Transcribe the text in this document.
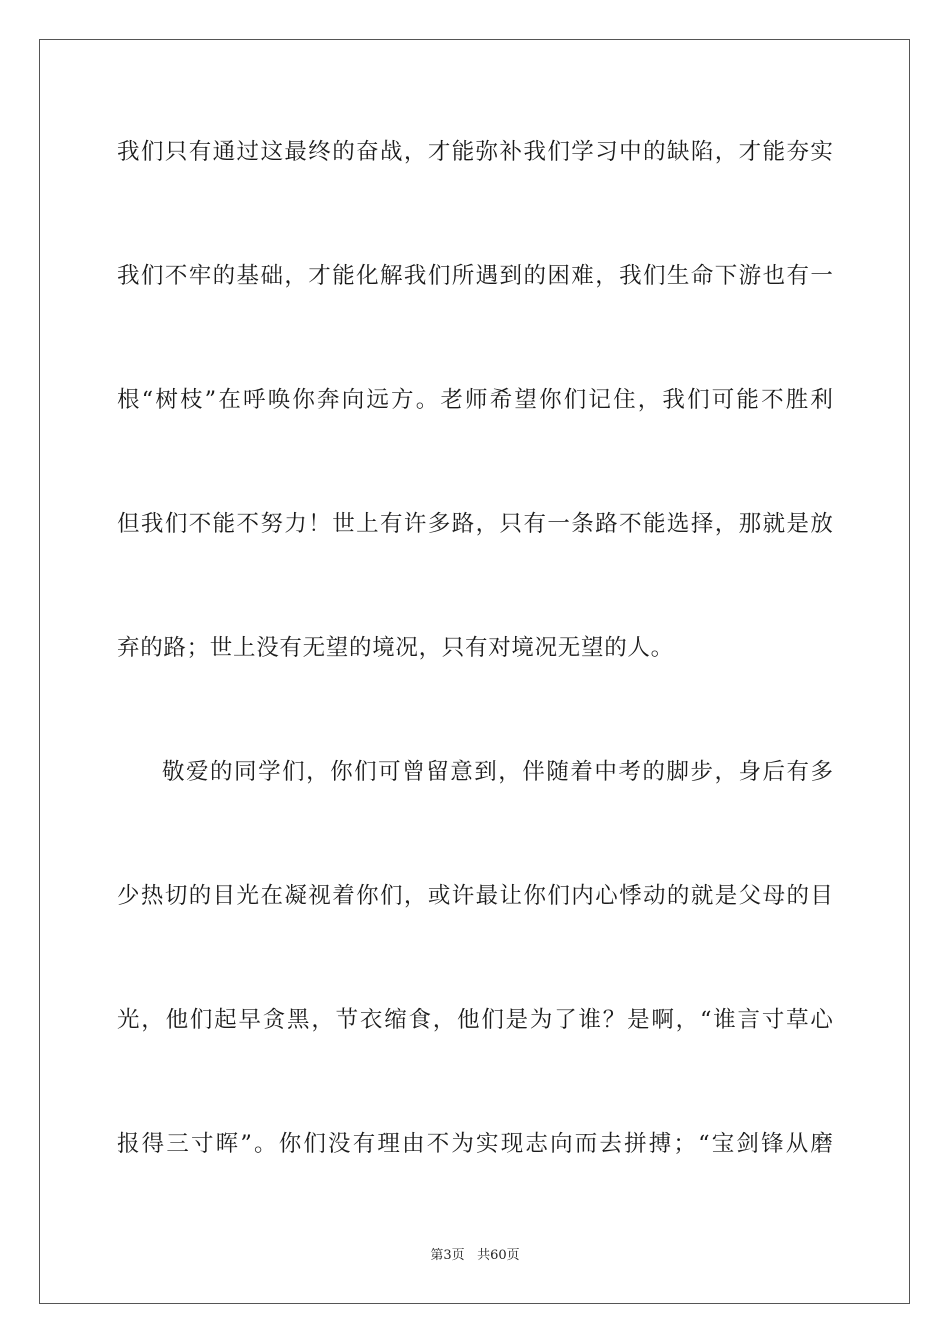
我们只有通过这最终的奋战，才能弥补我们学习中的缺陷，才能夯实
我们不牢的基础，才能化解我们所遇到的困难，我们生命下游也有一
根“树枝”在呼唤你奔向远方。老师希望你们记住，我们可能不胜利
但我们不能不努力！世上有许多路，只有一条路不能选择，那就是放
弃的路；世上没有无望的境况，只有对境况无望的人。
敬爱的同学们，你们可曾留意到，伴随着中考的脚步，身后有多
少热切的目光在凝视着你们，或许最让你们内心悸动的就是父母的目
光，他们起早贪黑，节衣缩食，他们是为了谁？是啊，“谁言寸草心
报得三寸晖”。你们没有理由不为实现志向而去拼搏；“宝剑锋从磨
第3页 共60页
